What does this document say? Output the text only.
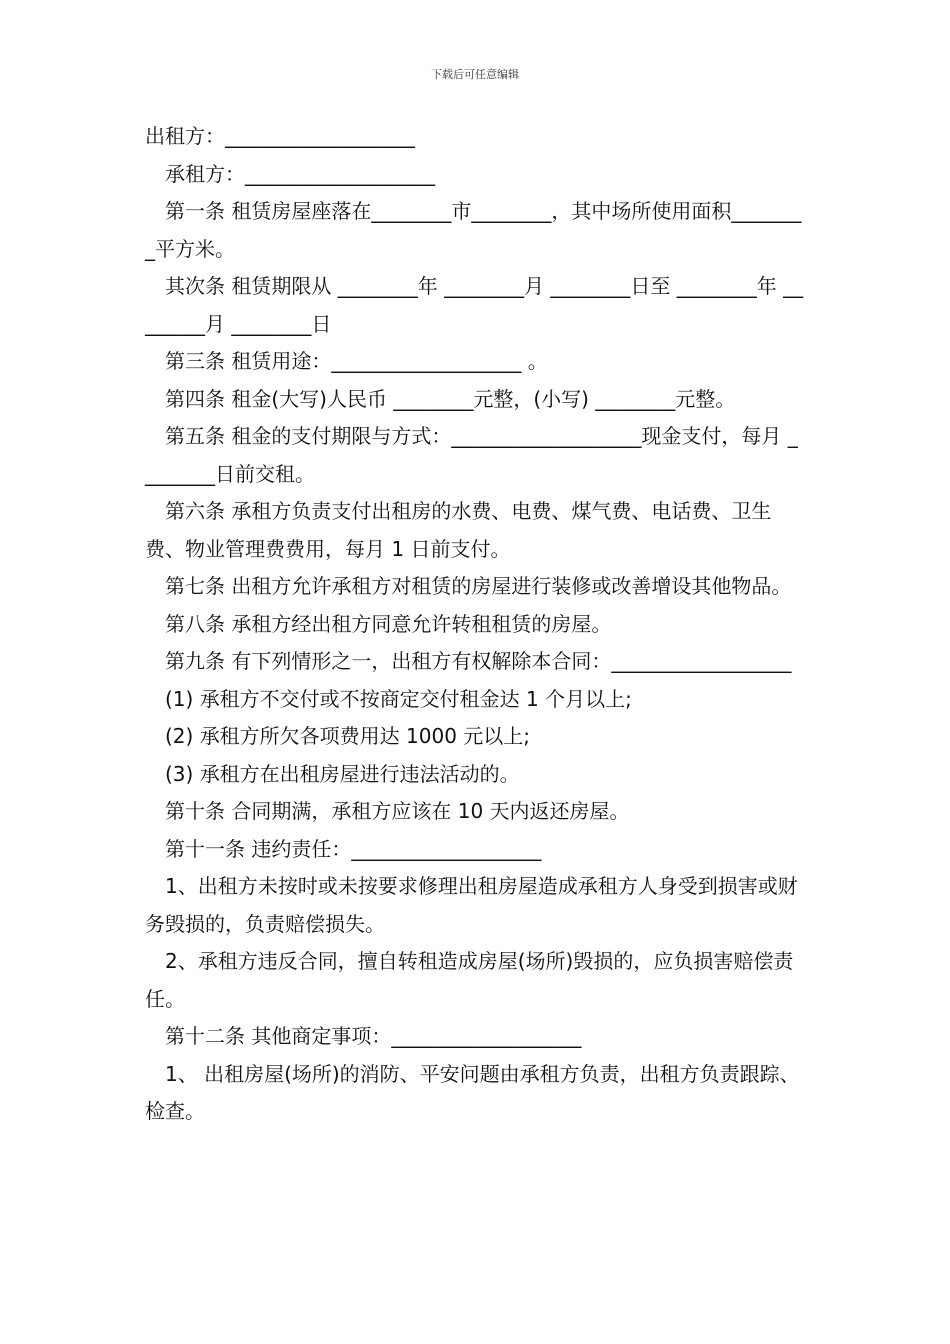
下载后可任意编辑

出租方：___________________

承租方：___________________

第一条 租赁房屋座落在________市________，其中场所使用面积________平方米。

其次条 租赁期限从 ________年 ________月 ________日至 ________年 ________月 ________日

第三条 租赁用途：___________________ 。

第四条 租金(大写)人民币 ________元整，(小写) ________元整。

第五条 租金的支付期限与方式：___________________现金支付，每月 ________日前交租。

第六条 承租方负责支付出租房的水费、电费、煤气费、电话费、卫生费、物业管理费费用，每月 1 日前支付。

第七条 出租方允许承租方对租赁的房屋进行装修或改善增设其他物品。

第八条 承租方经出租方同意允许转租租赁的房屋。

第九条 有下列情形之一，出租方有权解除本合同：__________________

(1) 承租方不交付或不按商定交付租金达 1 个月以上;

(2) 承租方所欠各项费用达 1000 元以上;

(3) 承租方在出租房屋进行违法活动的。

第十条 合同期满，承租方应该在 10 天内返还房屋。

第十一条 违约责任：___________________

1、出租方未按时或未按要求修理出租房屋造成承租方人身受到损害或财务毁损的，负责赔偿损失。

2、承租方违反合同，擅自转租造成房屋(场所)毁损的，应负损害赔偿责任。

第十二条 其他商定事项：___________________

1、 出租房屋(场所)的消防、平安问题由承租方负责，出租方负责跟踪、检查。
